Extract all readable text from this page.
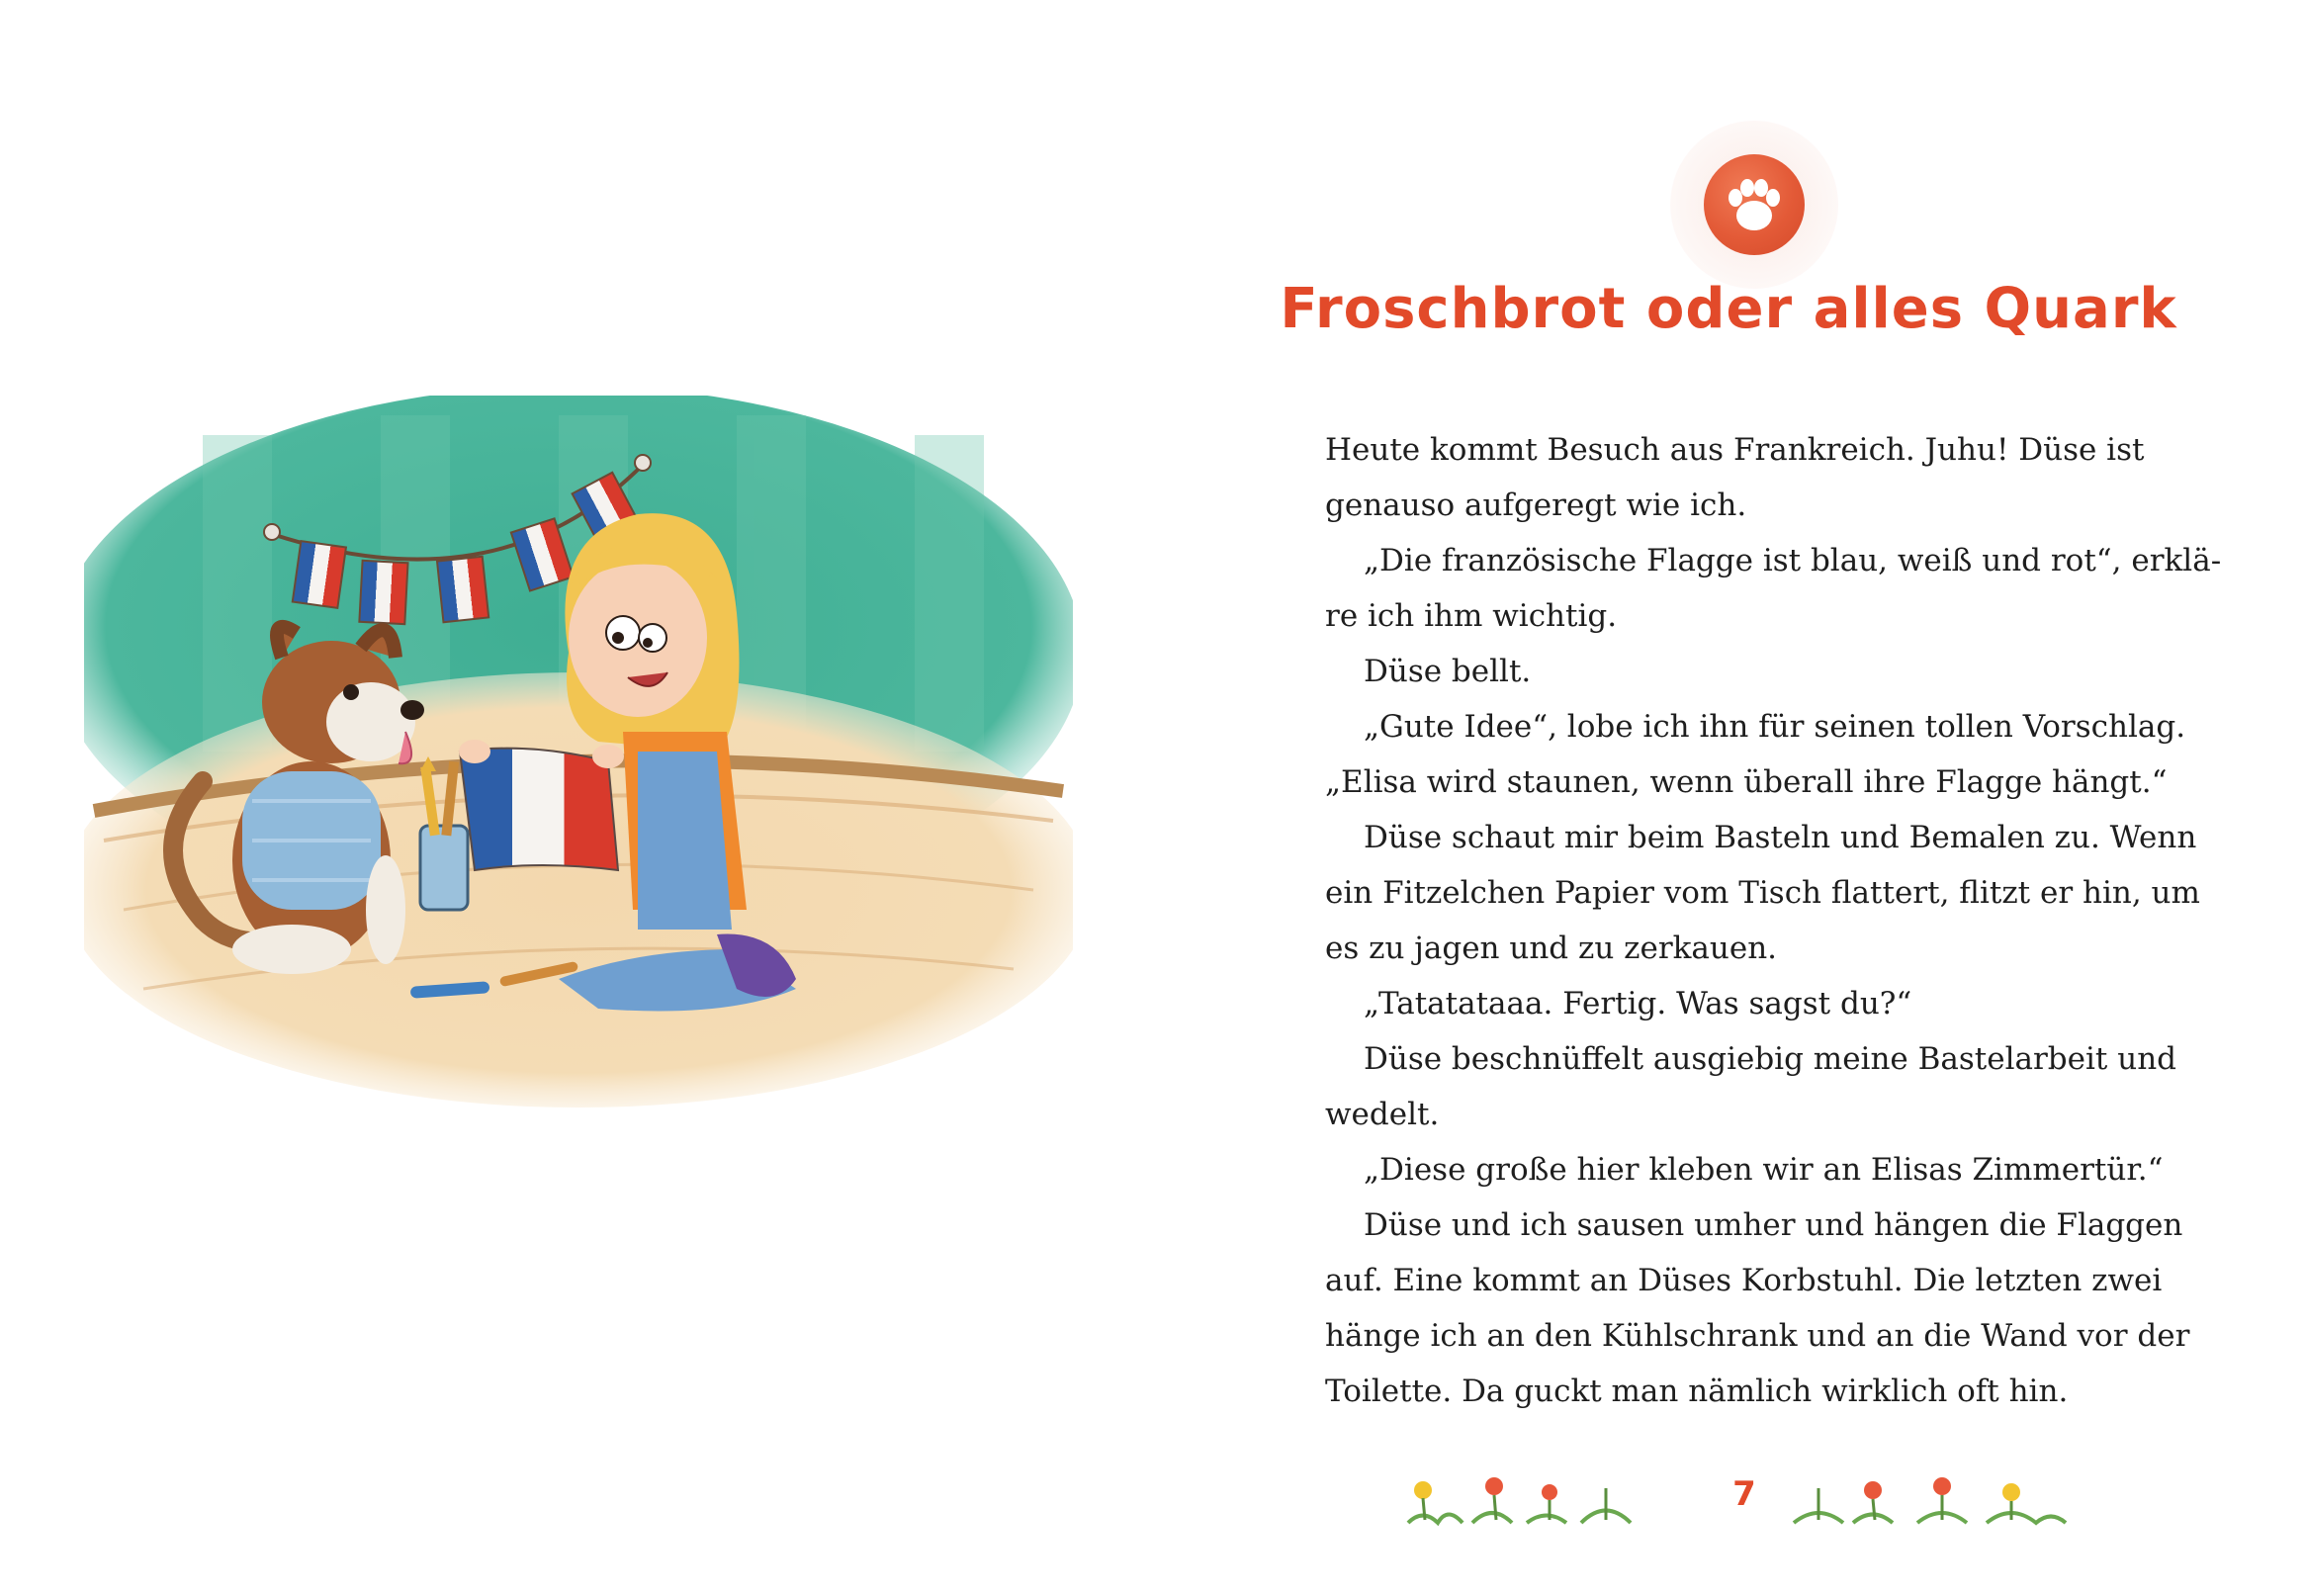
Froschbrot oder alles Quark
Heute kommt Besuch aus Frankreich. Juhu! Düse ist
genauso aufgeregt wie ich.
„Die französische Flagge ist blau, weiß und rot“, erklä-
re ich ihm wichtig.
Düse bellt.
„Gute Idee“, lobe ich ihn für seinen tollen Vorschlag.
„Elisa wird staunen, wenn überall ihre Flagge hängt.“
Düse schaut mir beim Basteln und Bemalen zu. Wenn
ein Fitzelchen Papier vom Tisch flattert, flitzt er hin, um
es zu jagen und zu zerkauen.
„Tatatataaa. Fertig. Was sagst du?“
Düse beschnüffelt ausgiebig meine Bastelarbeit und
wedelt.
„Diese große hier kleben wir an Elisas Zimmertür.“
Düse und ich sausen umher und hängen die Flaggen
auf. Eine kommt an Düses Korbstuhl. Die letzten zwei
hänge ich an den Kühlschrank und an die Wand vor der
Toilette. Da guckt man nämlich wirklich oft hin.
7
